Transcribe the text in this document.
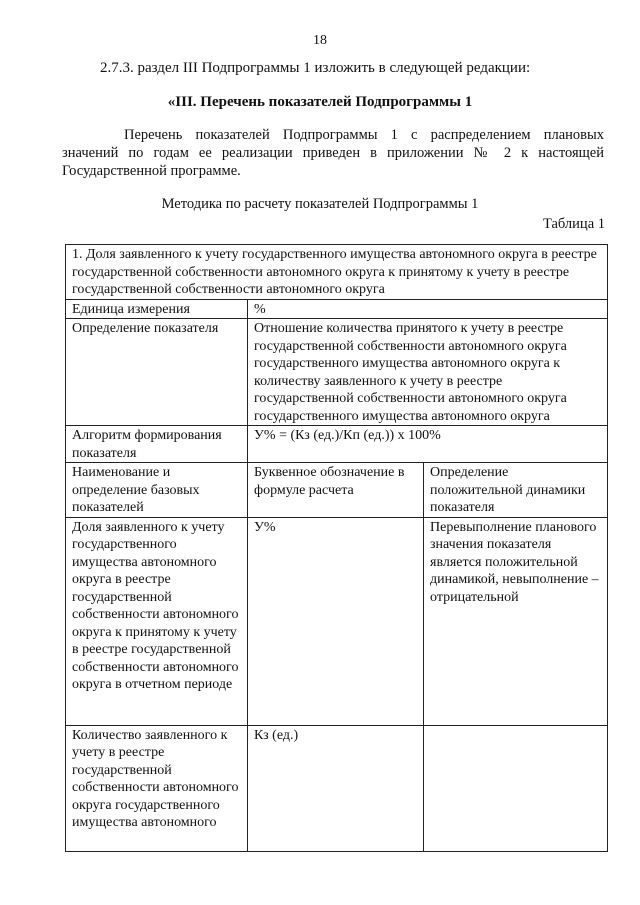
18
2.7.3. раздел III Подпрограммы 1 изложить в следующей редакции:
«III. Перечень показателей Подпрограммы 1
Перечень показателей Подпрограммы 1 с распределением плановых значений по годам ее реализации приведен в приложении № 2 к настоящей Государственной программе.
Методика по расчету показателей Подпрограммы 1
Таблица 1
1. Доля заявленного к учету государственного имущества автономного округа в реестре государственной собственности автономного округа к принятому к учету в реестре государственной собственности автономного округа		
Единица измерения	%	
Определение показателя	Отношение количества принятого к учету в реестре государственной собственности автономного округа государственного имущества автономного округа к количеству заявленного к учету в реестре государственной собственности автономного округа государственного имущества автономного округа	
Алгоритм формирования показателя	У% = (Кз (ед.)/Кп (ед.)) х 100%	
Наименование и определение базовых показателей	Буквенное обозначение в формуле расчета	Определение положительной динамики показателя
Доля заявленного к учету государственного имущества автономного округа в реестре государственной собственности автономного округа к принятому к учету в реестре государственной собственности автономного округа в отчетном периоде	У%	Перевыполнение планового значения показателя является положительной динамикой, невыполнение – отрицательной
Количество заявленного к учету в реестре государственной собственности автономного округа государственного имущества автономного	Кз (ед.)	
